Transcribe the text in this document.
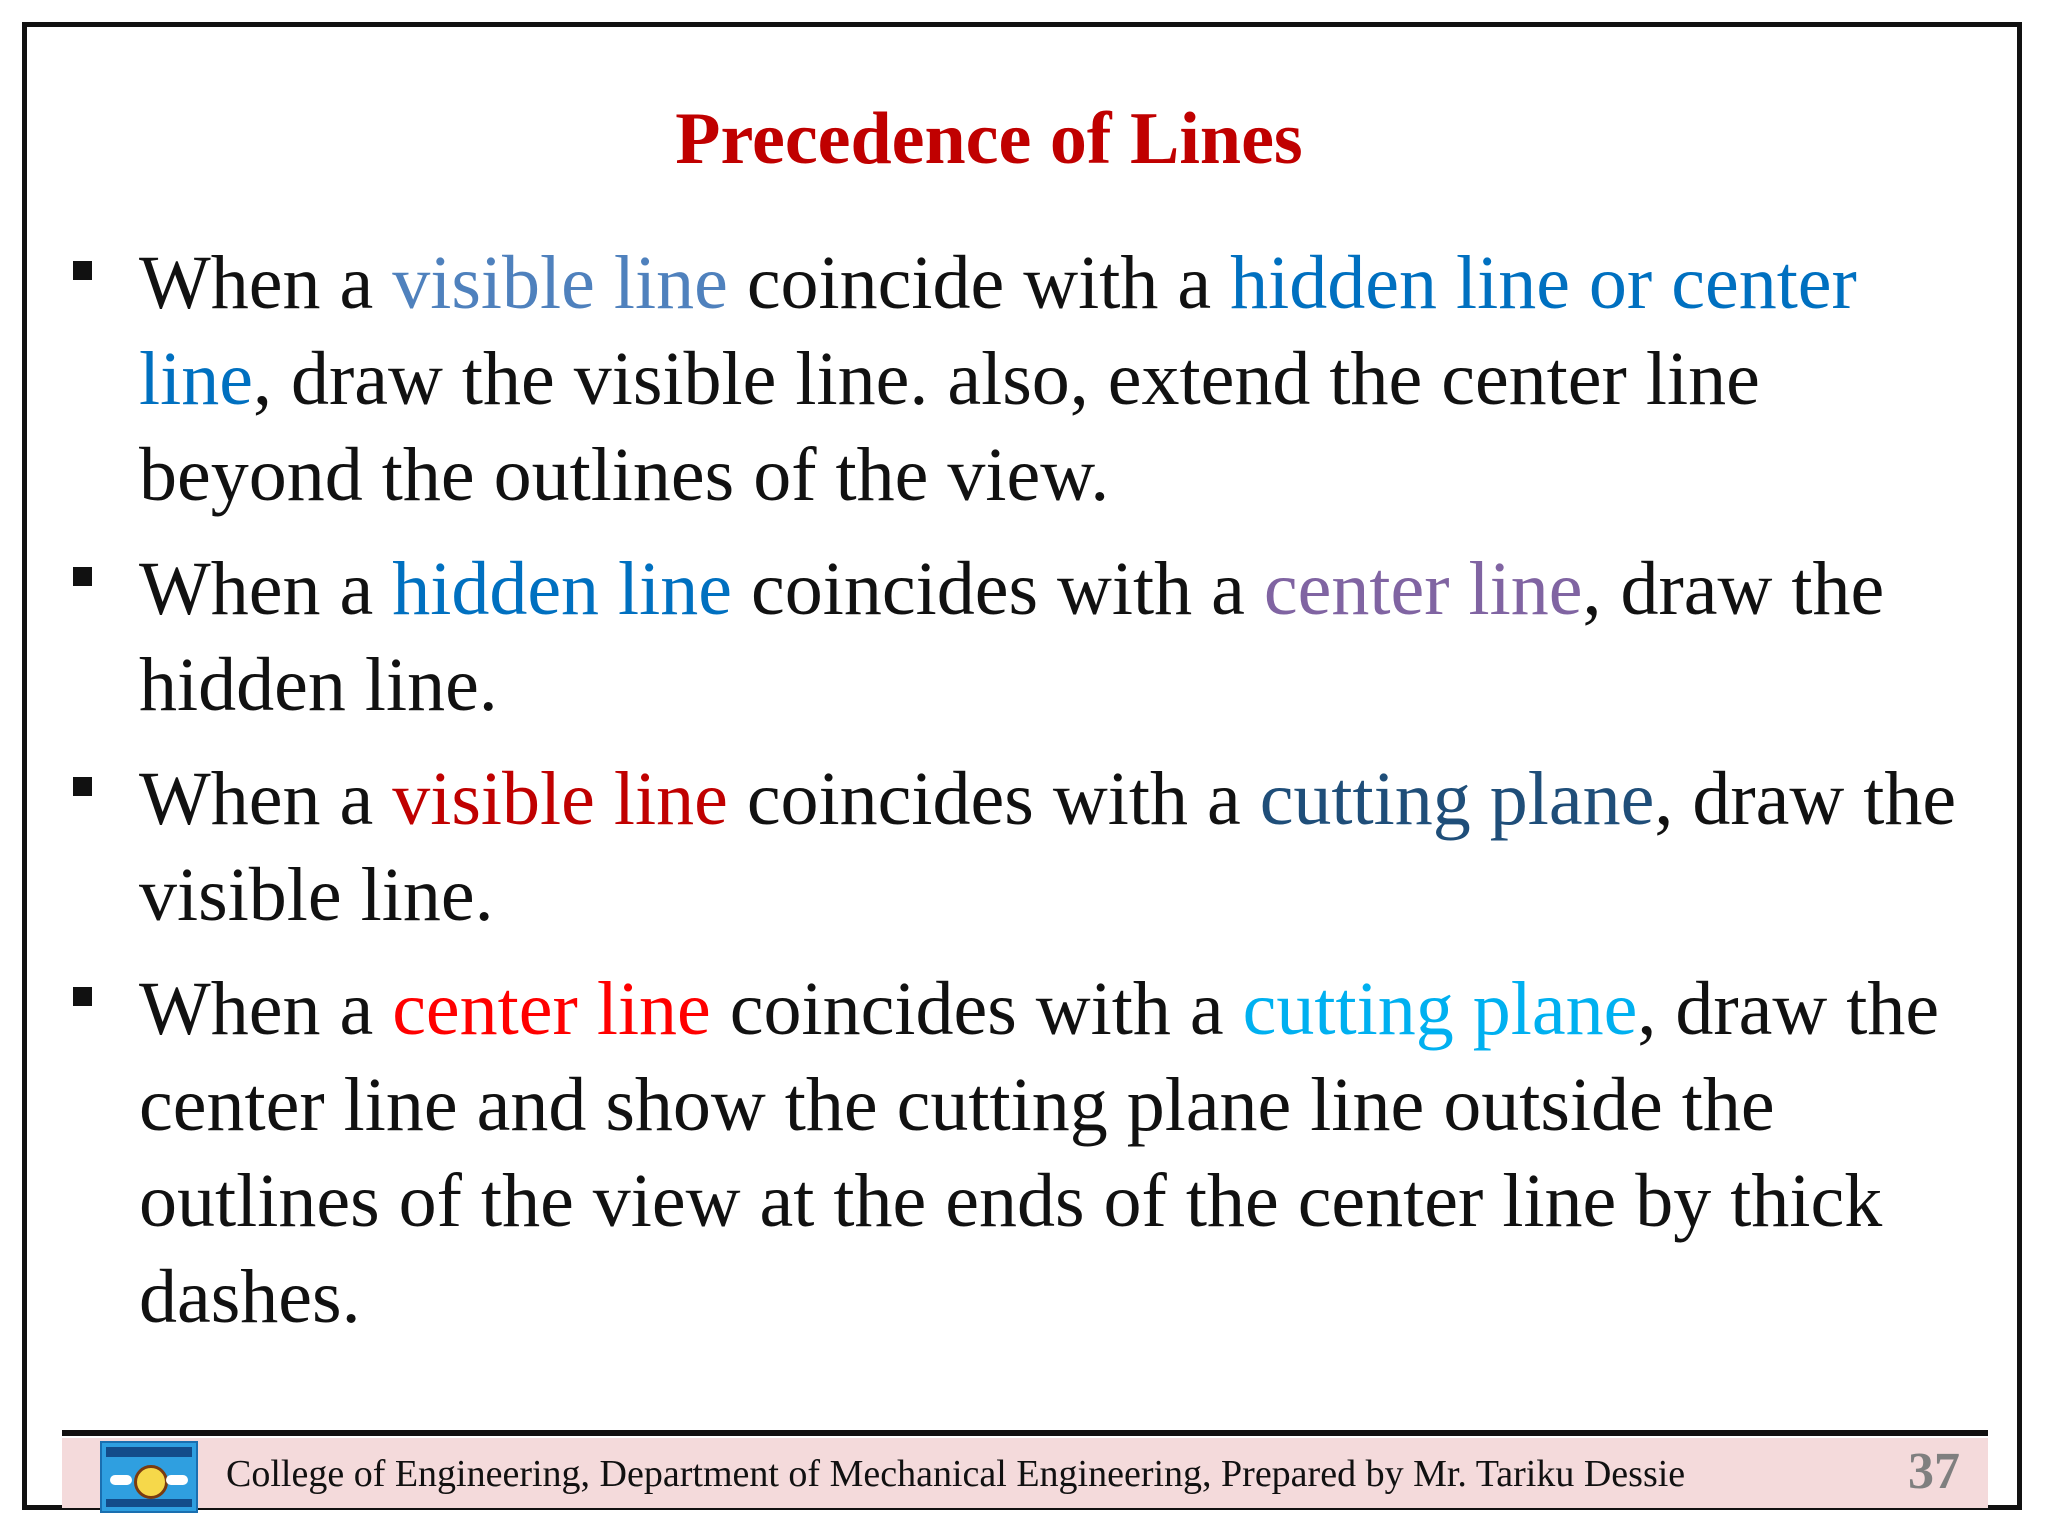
Precedence of Lines
When a visible line coincide with a hidden line or center line, draw the visible line. also, extend the center line beyond the outlines of the view.
When a hidden line coincides with a center line, draw the hidden line.
When a visible line coincides with a cutting plane, draw the visible line.
When a center line coincides with a cutting plane, draw the center line and show the cutting plane line outside the outlines of the view at the ends of the center line by thick dashes.
College of Engineering, Department of Mechanical Engineering, Prepared by Mr. Tariku Dessie	37
